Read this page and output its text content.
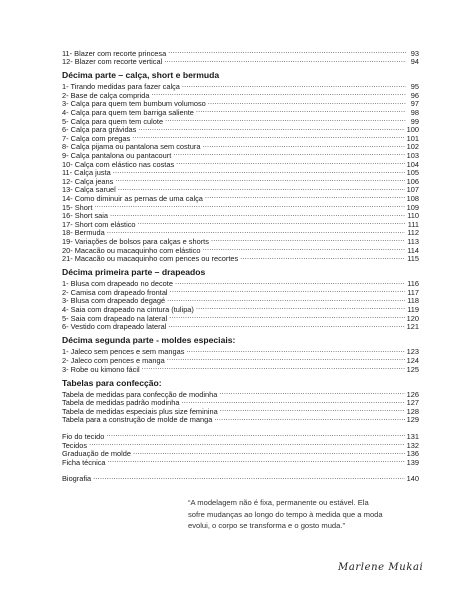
11- Blazer com recorte princesa .....	93
12- Blazer com recorte vertical .....	94
Décima parte – calça, short e bermuda
1- Tirando medidas para fazer calça .....	95
2- Base de calça comprida .....	96
3- Calça para quem tem bumbum volumoso .....	97
4- Calça para quem tem barriga saliente .....	98
5- Calça para quem tem culote .....	99
6- Calça para grávidas .....	100
7- Calça com pregas .....	101
8- Calça pijama ou pantalona sem costura .....	102
9- Calça pantalona ou pantacourt .....	103
10- Calça com elástico nas costas .....	104
11- Calça justa .....	105
12- Calça jeans .....	106
13- Calça saruel .....	107
14- Como diminuir as pernas de uma calça .....	108
15- Short .....	109
16- Short saia .....	110
17- Short com elástico .....	111
18- Bermuda .....	112
19- Variações de bolsos para calças e shorts .....	113
20- Macacão ou macaquinho com elástico .....	114
21- Macacão ou macaquinho com pences ou recortes .....	115
Décima primeira parte – drapeados
1- Blusa com drapeado no decote .....	116
2- Camisa com drapeado frontal .....	117
3- Blusa com drapeado degagé .....	118
4- Saia com drapeado na cintura (tulipa) .....	119
5- Saia com drapeado na lateral .....	120
6- Vestido com drapeado lateral .....	121
Décima segunda parte - moldes especiais:
1- Jaleco sem pences e sem mangas .....	123
2- Jaleco com pences e manga .....	124
3- Robe ou kimono fácil .....	125
Tabelas para confecção:
Tabela de medidas para confecção de modinha .....	126
Tabela de medidas padrão modinha .....	127
Tabela de medidas especiais plus size feminina .....	128
Tabela para a construção de molde de manga .....	129
Fio do tecido .....	131
Tecidos .....	132
Graduação de molde .....	136
Ficha técnica .....	139
Biografia .....	140
“A modelagem não é fixa, permanente ou estável. Ela
sofre mudanças ao longo do tempo à medida que a moda
evolui, o corpo se transforma e o gosto muda.”
Marlene Mukai
